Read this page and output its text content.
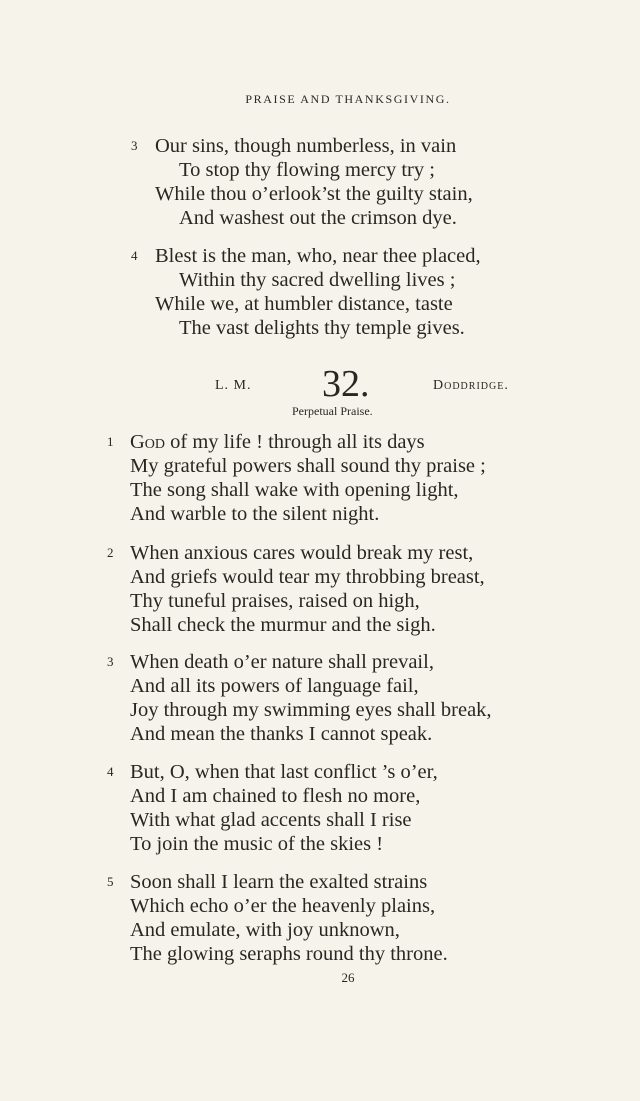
PRAISE AND THANKSGIVING.
3 Our sins, though numberless, in vain
To stop thy flowing mercy try ;
While thou o’erlook’st the guilty stain,
And washest out the crimson dye.
4 Blest is the man, who, near thee placed,
Within thy sacred dwelling lives ;
While we, at humbler distance, taste
The vast delights thy temple gives.
L. M. 32.	Doddridge.
Perpetual Praise.
1 God of my life ! through all its days
My grateful powers shall sound thy praise ;
The song shall wake with opening light,
And warble to the silent night.
2 When anxious cares would break my rest,
And griefs would tear my throbbing breast,
Thy tuneful praises, raised on high,
Shall check the murmur and the sigh.
3 When death o’er nature shall prevail,
And all its powers of language fail,
Joy through my swimming eyes shall break,
And mean the thanks I cannot speak.
4 But, O, when that last conflict ’s o’er,
And I am chained to flesh no more,
With what glad accents shall I rise
To join the music of the skies !
5 Soon shall I learn the exalted strains
Which echo o’er the heavenly plains,
And emulate, with joy unknown,
The glowing seraphs round thy throne.
26
